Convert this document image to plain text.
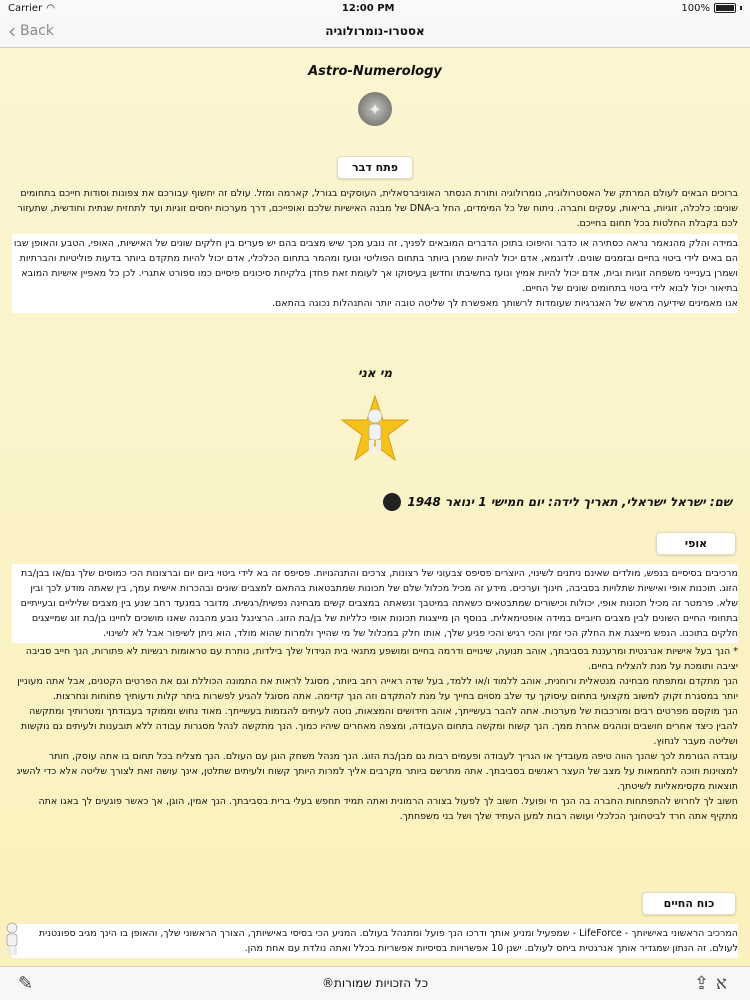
Carrier ◠	12:00 PM	100%
‹ Back	אסטרו-נומרולוגיה
Astro-Numerology
✦
פתח דבר

ברוכים הבאים לעולם המרתק של האסטרולוגיה, נומרולוגיה ותורת הנסתר האוניברסאלית, העוסקים בגורל, קארמה ומזל. עולם זה יחשוף עבורכם את צפונות וסודות חייכם בתחומים שונים: כלכלה, זוגיות, בריאות, עסקים וחברה. ניתוח של כל המימדים, החל ב-DNA של מבנה האישיות שלכם ואופייכם, דרך מערכות יחסים זוגיות ועד לתחזית שנתית וחודשית, שתעזור לכם בקבלת החלטות בכל תחום בחייכם.

במידה והלק מהנאמר נראה כסתירה או כדבר והיפוכו בתוכן הדברים המובאים לפניך, זה נובע מכך שיש מצבים בהם יש פערים בין חלקים שונים של האישיות, האופי, הטבע והאופן שבו הם באים לידי ביטוי בחיים ובזמנים שונים. לדוגמא, אדם יכול להיות שמרן ביותר בתחום הפוליטי ונועז ומהמר בתחום הכלכלי, אדם יכול להיות מתקדם ביותר בדעות פוליטיות והברתיות ושמרן בעניייני משפחה זוגיות ובית, אדם יכול להיות אמיץ ונועז בחשיבתו וחדשן בעיסוקו אך לעומת זאת פחדן בלקיחת סיכונים פיסיים כמו ספורט אתגרי. לכן כל מאפיין אישיות המובא בתיאור יכול לבוא לידי ביטוי בתחומים שונים של החיים.

אנו מאמינים שידיעה מראש של האנרגיות שעומדות לרשותך מאפשרת לך שליטה טובה יותר והתנהלות נכונה בהתאם.

מי אני
שם: ישראל ישראלי, תאריך לידה: יום חמישי 1 ינואר 1948
אופי

מרכיבים בסיסיים בנפש, מולדים שאינם ניתנים לשינוי, היוצרים פסיפס צבעוני של רצונות, צרכים והתנהגויות. פסיפס זה בא לידי ביטוי ביום יום וברצונות הכי כמוסים שלך גם/או בבן/בת הזוג. תוכנות אופי ואישיות שתלויות בסביבה, חינוך וערכים. מידע זה מכיל מכלול שלם של תכונות שמתבטאות בהתאם למצבים שונים ובהכרות אישית עמך, בין שאתה מודע לכך ובין שלא. פרמטר זה מכיל תכונות אופי, יכולות וכישורים שמתבטאים כשאתה במיטבך ונשאתה במצבים קשים מבחינה נפשית/רגשית. מדובר במנעד רחב שנע בין מצבים שליליים ובעייתיים בתחומי החיים השונים לבין מצבים חיוביים במידה אופטימאלית. בנוסף הן מייצגות תכונות אופי כלליות של בן/בת הזוג. הרצינגל נובע מהבנה שאנו מושכים לחיינו בן/בת זוג שמייצגים חלקים בתוכנו. הנפש מייצגת את החלק הכי זמין והכי רגיש והכי פגיע שלך, אותו חלק במכלול של מי שהייך ולמרות שהוא מולד, הוא ניתן לשיפור אבל לא לשינוי.

* הנך בעל אישיות אנרגטית ומרעננת בסביבתך, אוהב תנועה, שינויים ודרמה בחיים ומושפע מתנאי בית הגידול שלך בילדות, נותרת עם טראומות רגשיות לא פתורות, הנך חייב סביבה יציבה ותומכת על מנת להצליח בחיים.

הנך מתקדם ומתפתח מבחינה מנטאלית ורוחנית, אוהב ללמוד ו/או ללמד, בעל שדה ראייה רחב ביותר, מסוגל לראות את התמונה הכוללת וגם את הפרטים הקטנים, אבל אתה מעוניין יותר במסגרת זקוק למשוב מקצועי בתחום עיסוקך עד שלב מסוים בחייך על מנת להתקדם וזה הנך קדימה. אתה מסוגל להגיע לפשרות ביתר קלות ודעותיך פתוחות ונחרצות.

הנך מוקסם מפרטים רבים ומורכבות של מערכות. אתה להבר בעשייתך, אוהב חידושים והמצאות, נוטה לעיתים להגזמות בעשייתך. מאוד נחוש וממוקד בעבודתך ומטרותיך ומתקשה להבין כיצד אחרים חושבים ונוהגים אחרת ממך. הנך קשוח ומקשה בתחום העבודה, ומצפה מאחרים שיהיו כמוך. הנך מתקשה לנהל מסגרות עבודה ללא תובענות ולעיתים גם נוקשות ושליטה מעבר לנחוץ.

עובדה הגורמת לכך שהנך הווה טיפה מעובדיך או הגריך לעבודה ופעמים רבות גם מבן/בת הזוג. הנך מנהל משחק הוגן עם העולם. הנך מצליח בכל תחום בו אתה עוסק, חותר למצוינות וזוכה לתחמאות על מצב של העצר ראנשים בסביבתך. אתה מתרשם ביותר מקרבים אליך למרות היותך קשוח ולעיתים שתלטן, אינך עושה זאת לצורך שליטה אלא כדי להשיג תוצאות מקסימאליות לשיטתך.

חשוב לך לחרוש להתפתחות החברה בה הנך חי ופועל. חשוב לך לפעול בצורה הרמונית ואתה תמיד תחפש בעלי ברית בסביבתך. הנך אמין, הוגן, אך כאשר פוגעים לך באגו אתה מתקיף אתה חרד לביטחונך הכלכלי ועושה רבות למען העתיד שלך ושל בני משפחתך.

כוח החיים

המרכיב הראשוני באישיותך - LifeForce - שמפעיל ומניע אותך ודרכו הנך פועל ומתנהל בעולם. המניע הכי בסיסי באישיותך, הצורך הראשוני שלך, והאופן בו הינך מגיב ספונטנית לעולם. זה הנתון שמגדיר אותך אנרגטית ביחס לעולם. ישנן 10 אפשרויות בסיסיות אפשריות בכלל ואתה נולדת עם אחת מהן.

✎	כל הזכויות שמורות®	⇪ א
